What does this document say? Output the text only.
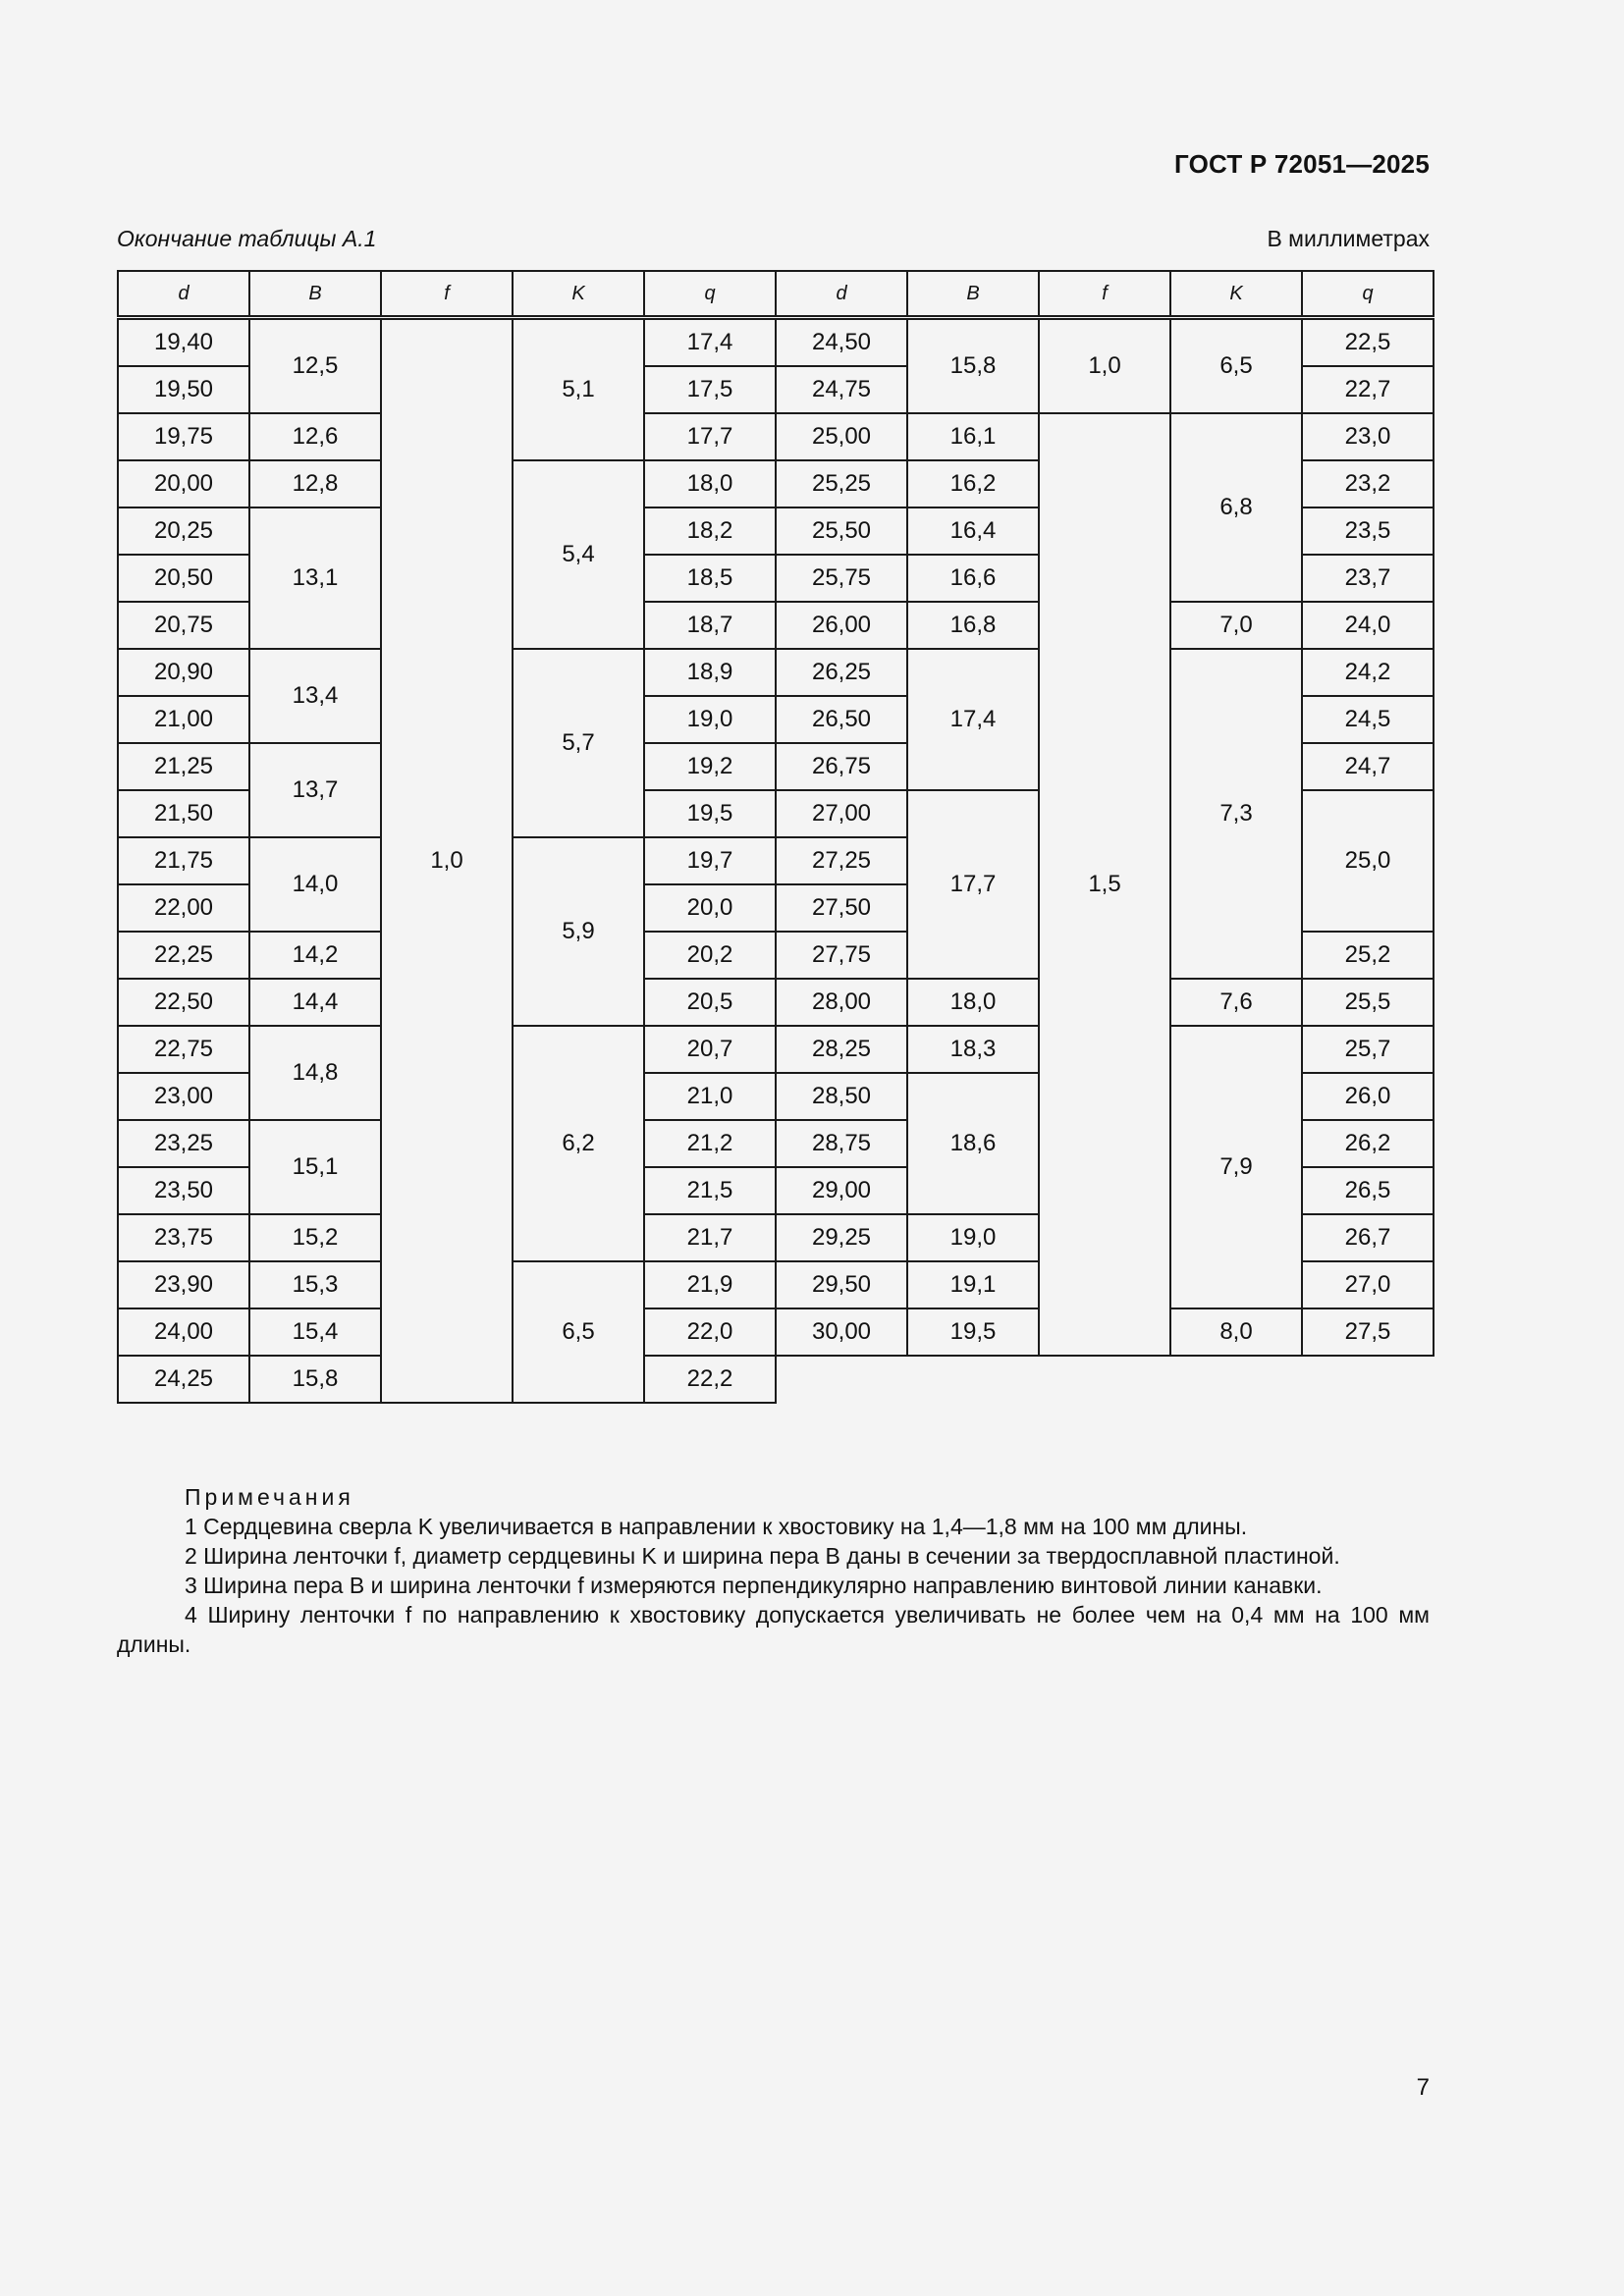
ГОСТ Р 72051—2025
Окончание таблицы А.1	В миллиметрах
d	B	f	K	q

19,40	12,5	1,0	5,1	17,4
19,50				17,5
19,75	12,6			17,7
20,00	12,8		5,4	18,0
20,25	13,1			18,2
20,50				18,5
20,75				18,7
20,90	13,4		5,7	18,9
21,00				19,0
21,25	13,7			19,2
21,50				19,5
21,75	14,0		5,9	19,7
22,00				20,0
22,25	14,2			20,2
22,50	14,4			20,5
22,75	14,8		6,2	20,7
23,00				21,0
23,25	15,1			21,2
23,50				21,5
23,75	15,2			21,7
23,90	15,3		6,5	21,9
24,00	15,4			22,0
24,25	15,8			22,2
d	B	f	K	q

24,50	15,8	1,0	6,5	22,5
24,75				22,7
25,00	16,1	1,5	6,8	23,0
25,25	16,2			23,2
25,50	16,4			23,5
25,75	16,6			23,7
26,00	16,8		7,0	24,0
26,25	17,4		7,3	24,2
26,50				24,5
26,75				24,7
27,00	17,7			25,0
27,25				
27,50				
27,75				25,2
28,00	18,0		7,6	25,5
28,25	18,3		7,9	25,7
28,50	18,6			26,0
28,75				26,2
29,00				26,5
29,25	19,0			26,7
29,50	19,1			27,0
30,00	19,5		8,0	27,5
Примечания

1 Сердцевина сверла K увеличивается в направлении к хвостовику на 1,4—1,8 мм на 100 мм длины.

2 Ширина ленточки f, диаметр сердцевины K и ширина пера B даны в сечении за твердосплавной пластиной.

3 Ширина пера B и ширина ленточки f измеряются перпендикулярно направлению винтовой линии канавки.

4 Ширину ленточки f по направлению к хвостовику допускается увеличивать не более чем на 0,4 мм на 100 мм длины.

7
